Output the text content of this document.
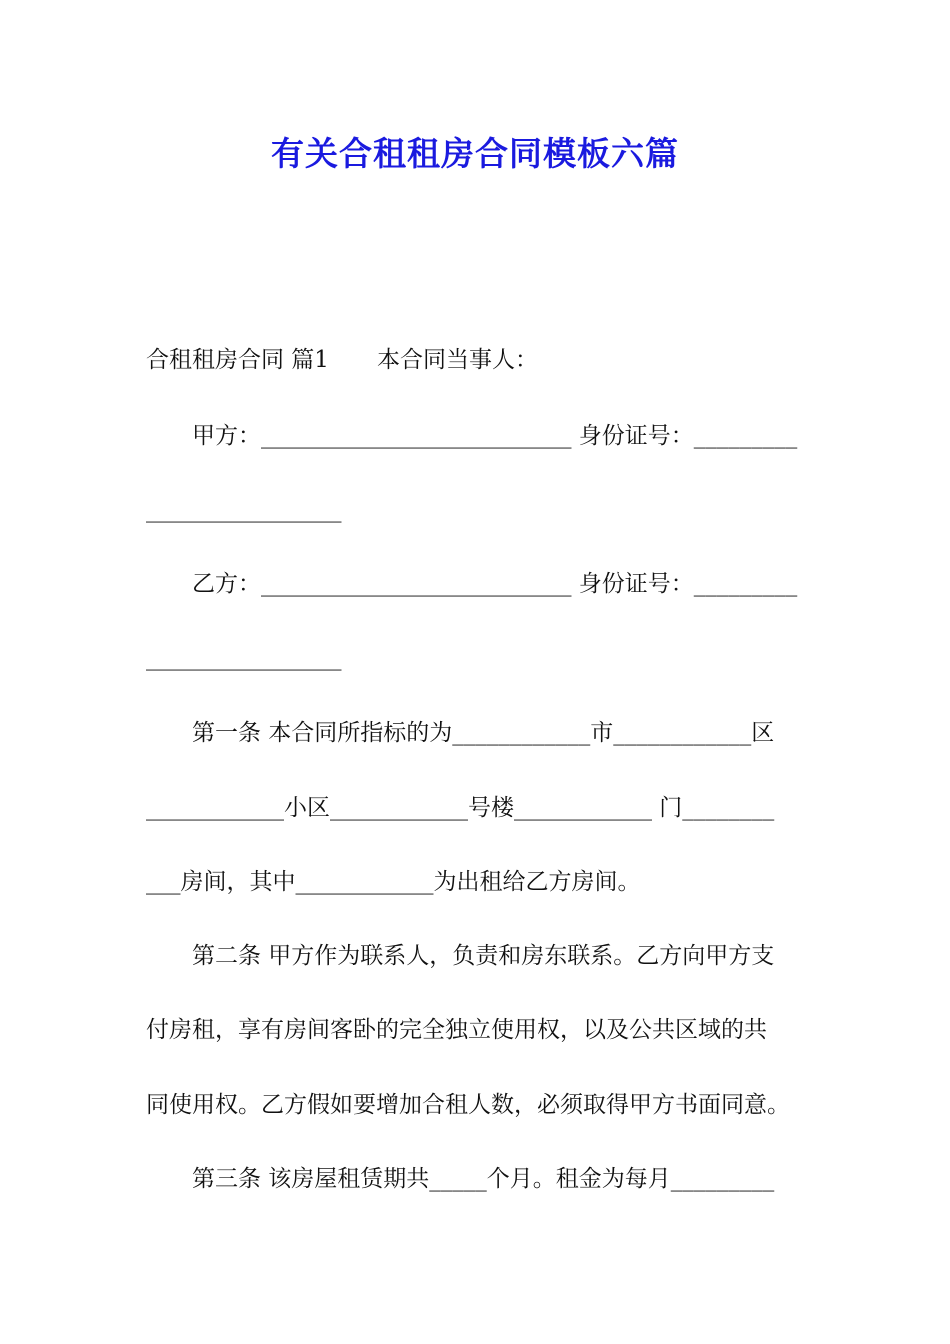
有关合租租房合同模板六篇
合租租房合同 篇1 本合同当事人：
甲方：___________________________ 身份证号：_________
_________________
乙方：___________________________ 身份证号：_________
_________________
第一条 本合同所指标的为____________市____________区
____________小区____________号楼____________ 门________
___房间，其中____________为出租给乙方房间。
第二条 甲方作为联系人，负责和房东联系。乙方向甲方支
付房租，享有房间客卧的完全独立使用权，以及公共区域的共
同使用权。乙方假如要增加合租人数，必须取得甲方书面同意。
第三条 该房屋租赁期共_____个月。租金为每月_________
